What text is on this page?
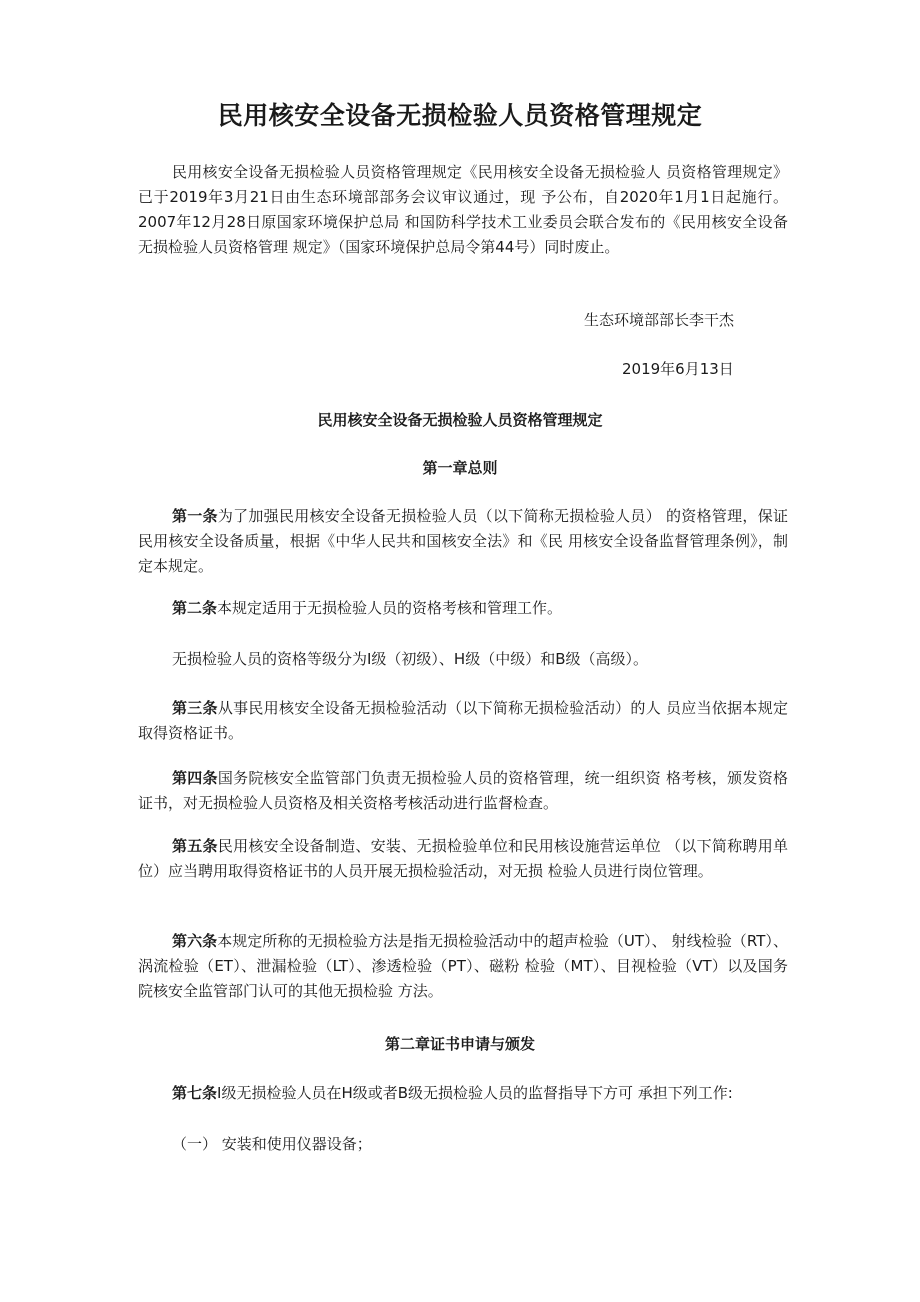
民用核安全设备无损检验人员资格管理规定

民用核安全设备无损检验人员资格管理规定《民用核安全设备无损检验人 员资格管理规定》已于2019年3月21日由生态环境部部务会议审议通过，现 予公布，自2020年1月1日起施行。2007年12月28日原国家环境保护总局 和国防科学技术工业委员会联合发布的《民用核安全设备无损检验人员资格管理 规定》（国家环境保护总局令第44号）同时废止。

生态环境部部长李干杰
2019年6月13日
民用核安全设备无损检验人员资格管理规定
第一章总则

第一条为了加强民用核安全设备无损检验人员（以下简称无损检验人员） 的资格管理，保证民用核安全设备质量，根据《中华人民共和国核安全法》和《民 用核安全设备监督管理条例》，制定本规定。

第二条本规定适用于无损检验人员的资格考核和管理工作。

无损检验人员的资格等级分为I级（初级）、H级（中级）和B级（高级）。

第三条从事民用核安全设备无损检验活动（以下简称无损检验活动）的人 员应当依据本规定取得资格证书。

第四条国务院核安全监管部门负责无损检验人员的资格管理，统一组织资 格考核，颁发资格证书，对无损检验人员资格及相关资格考核活动进行监督检查。

第五条民用核安全设备制造、安装、无损检验单位和民用核设施营运单位 （以下简称聘用单位）应当聘用取得资格证书的人员开展无损检验活动，对无损 检验人员进行岗位管理。

第六条本规定所称的无损检验方法是指无损检验活动中的超声检验（UT）、 射线检验（RT）、涡流检验（ET）、泄漏检验（LT）、渗透检验（PT）、磁粉 检验（MT）、目视检验（VT）以及国务院核安全监管部门认可的其他无损检验 方法。

第二章证书申请与颁发

第七条I级无损检验人员在H级或者B级无损检验人员的监督指导下方可 承担下列工作:

（一） 安装和使用仪器设备；
